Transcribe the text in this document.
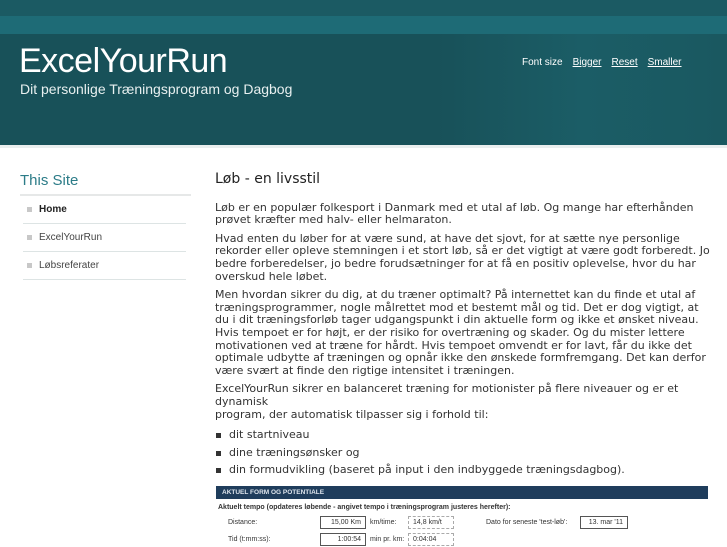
ExcelYourRun
Dit personlige Træningsprogram og Dagbog
Font size Bigger Reset Smaller
This Site
Home
ExcelYourRun
Løbsreferater
Løb - en livsstil

Løb er en populær folkesport i Danmark med et utal af løb. Og mange har efterhånden prøvet kræfter med halv- eller helmaraton.

Hvad enten du løber for at være sund, at have det sjovt, for at sætte nye personlige rekorder eller opleve stemningen i et stort løb, så er det vigtigt at være godt forberedt. Jo bedre forberedelser, jo bedre forudsætninger for at få en positiv oplevelse, hvor du har overskud hele løbet.

Men hvordan sikrer du dig, at du træner optimalt? På internettet kan du finde et utal af træningsprogrammer, nogle målrettet mod et bestemt mål og tid. Det er dog vigtigt, at du i dit træningsforløb tager udgangspunkt i din aktuelle form og ikke et ønsket niveau. Hvis tempoet er for højt, er der risiko for overtræning og skader. Og du mister lettere motivationen ved at træne for hårdt. Hvis tempoet omvendt er for lavt, får du ikke det optimale udbytte af træningen og opnår ikke den ønskede formfremgang. Det kan derfor være svært at finde den rigtige intensitet i træningen.

ExcelYourRun sikrer en balanceret træning for motionister på flere niveauer og er et dynamisk

program, der automatisk tilpasser sig i forhold til:

dit startniveau
dine træningsønsker og
din formudvikling (baseret på input i den indbyggede træningsdagbog).
AKTUEL FORM OG POTENTIALE
Aktuelt tempo (opdateres løbende - angivet tempo i træningsprogram justeres herefter):
Distance:	15,00 Km	km/time:	14,8 km/t	Dato for seneste 'test-løb':	13. mar '11
Tid (t:mm:ss):	1:00:54	min pr. km:	0:04:04
